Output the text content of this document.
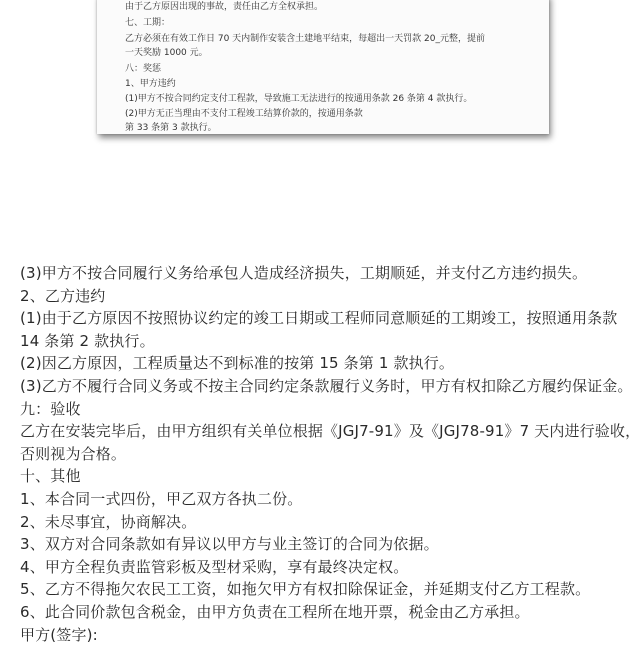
由于乙方原因出现的事故，责任由乙方全权承担。
七、工期：
乙方必须在有效工作日 70 天内制作安装含土建地平结束，每超出一天罚款 20_元整，提前
一天奖励 1000 元。
八：奖惩
1、甲方违约
(1)甲方不按合同约定支付工程款，导致施工无法进行的按通用条款 26 条第 4 款执行。
(2)甲方无正当理由不支付工程竣工结算价款的，按通用条款
第 33 条第 3 款执行。
(3)甲方不按合同履行义务给承包人造成经济损失，工期顺延，并支付乙方违约损失。
2、乙方违约
(1)由于乙方原因不按照协议约定的竣工日期或工程师同意顺延的工期竣工，按照通用条款
14 条第 2 款执行。
(2)因乙方原因，工程质量达不到标准的按第 15 条第 1 款执行。
(3)乙方不履行合同义务或不按主合同约定条款履行义务时，甲方有权扣除乙方履约保证金。
九：验收
乙方在安装完毕后，由甲方组织有关单位根据《JGJ7-91》及《JGJ78-91》7 天内进行验收，
否则视为合格。
十、其他
1、本合同一式四份，甲乙双方各执二份。
2、未尽事宜，协商解决。
3、双方对合同条款如有异议以甲方与业主签订的合同为依据。
4、甲方全程负责监管彩板及型材采购，享有最终决定权。
5、乙方不得拖欠农民工工资，如拖欠甲方有权扣除保证金，并延期支付乙方工程款。
6、此合同价款包含税金，由甲方负责在工程所在地开票，税金由乙方承担。
甲方(签字):
